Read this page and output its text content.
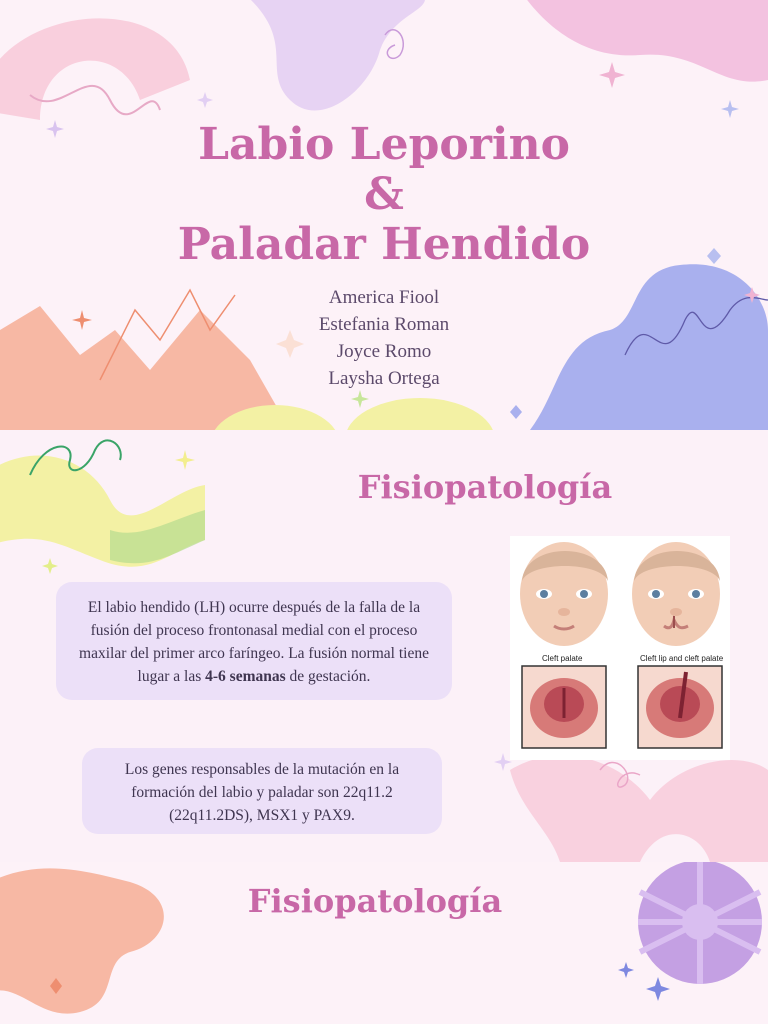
Labio Leporino
&
Paladar Hendido
America Fiool
Estefania Roman
Joyce Romo
Laysha Ortega
Fisiopatología
El labio hendido (LH) ocurre después de la falla de la fusión del proceso frontonasal medial con el proceso maxilar del primer arco faríngeo. La fusión normal tiene lugar a las 4-6 semanas de gestación.
Los genes responsables de la mutación en la formación del labio y paladar son 22q11.2 (22q11.2DS), MSX1 y PAX9.
Cleft palate	Cleft lip and cleft palate
Fisiopatología
